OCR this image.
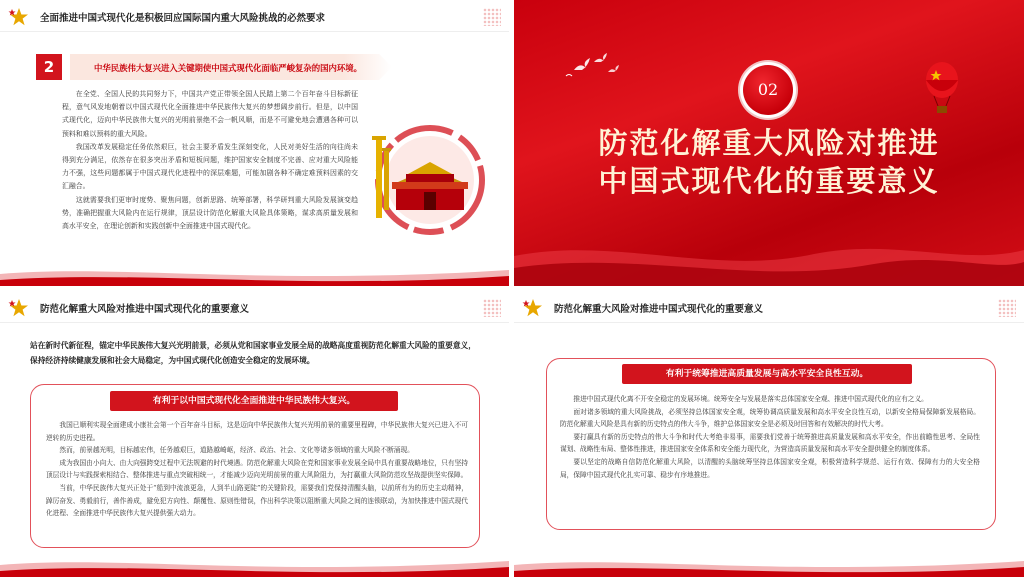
全面推进中国式现代化是积极回应国际国内重大风险挑战的必然要求
2	中华民族伟大复兴进入关键期使中国式现代化面临严峻复杂的国内环境。

在全党、全国人民的共同努力下，中国共产党正带领全国人民踏上第二个百年奋斗目标新征程，意气风发地朝着以中国式现代化全面推进中华民族伟大复兴的梦想阔步前行。但是，以中国式现代化，迈向中华民族伟大复兴的光明前景绝不会一帆风顺，而是不可避免地会遭遇各种可以预料和难以预料的重大风险。

我国改革发展稳定任务依然艰巨，社会主要矛盾发生深刻变化，人民对美好生活的向往尚未得到充分满足，依然存在很多突出矛盾和短板问题，维护国家安全制度不完善、应对重大风险能力不强，这些问题都属于中国式现代化进程中的深层难题，可能加剧各种不确定难预料因素的交汇融合。

这就需要我们更审时度势、聚焦问题，创新思路、统筹部署，科学研判重大风险发展演变趋势，准确把握重大风险内在运行规律，顶层设计防范化解重大风险具体策略，谋求高质量发展和高水平安全，在理论创新和实践创新中全面推进中国式现代化。

02
防范化解重大风险对推进
中国式现代化的重要意义
防范化解重大风险对推进中国式现代化的重要意义
站在新时代新征程，锚定中华民族伟大复兴光明前景，必须从党和国家事业发展全局的战略高度重视防范化解重大风险的重要意义，保持经济持续健康发展和社会大局稳定，为中国式现代化创造安全稳定的发展环境。
有利于以中国式现代化全面推进中华民族伟大复兴。

我国已顺利实现全面建成小康社会第一个百年奋斗目标，这是迈向中华民族伟大复兴光明前景的重要里程碑，中华民族伟大复兴已进入不可逆转的历史进程。

然而，前景越光明，目标越宏伟，任务越艰巨，道路越崎岖，经济、政治、社会、文化等诸多领域的重大风险不断涌现。

成为我国由小向大、由大向强跨变过程中无法规避的时代境遇。防范化解重大风险在党和国家事业发展全局中具有重要战略地位，只有坚持顶层设计与实践探索相结合、整体推进与重点突破相统一，才能减少迈向光明前景的重大风险阻力，为打赢重大风险防范攻坚战提供坚实保障。

当前，中华民族伟大复兴正处于“船到中流浪更急，人到半山路更陡”的关键阶段，需要我们党保持清醒头脑，以前所有为的历史主动精神，踔厉奋发、勇毅前行，善作善成，避免犯方向性、颠覆性、原则性错误，作出科学决策以阻断重大风险之间的连锁联动，为加快推进中国式现代化进程、全面推进中华民族伟大复兴提供强大动力。

防范化解重大风险对推进中国式现代化的重要意义
有利于统筹推进高质量发展与高水平安全良性互动。

推进中国式现代化离不开安全稳定的发展环境。统筹安全与发展是落实总体国家安全观、推进中国式现代化的应有之义。

面对诸多领域的重大风险挑战，必须坚持总体国家安全观，统筹协调高质量发展和高水平安全良性互动，以新安全格局保障新发展格局。防范化解重大风险是具有新的历史特点的伟大斗争，维护总体国家安全是必须及时回答和有效解决的时代大考。

要打赢具有新的历史特点的伟大斗争和时代大考绝非易事，需要我们党善于统筹推进高质量发展和高水平安全，作出前瞻性思考、全局性谋划、战略性布局、整体性推进，推进国家安全体系和安全能力现代化，为营造高质量发展和高水平安全提供健全的制度体系。

要以坚定的战略自信防范化解重大风险，以清醒的头脑统筹坚持总体国家安全观，积极营造科学规范、运行有效、保障有力的大安全格局，保障中国式现代化扎实可靠、稳步有序地推进。
